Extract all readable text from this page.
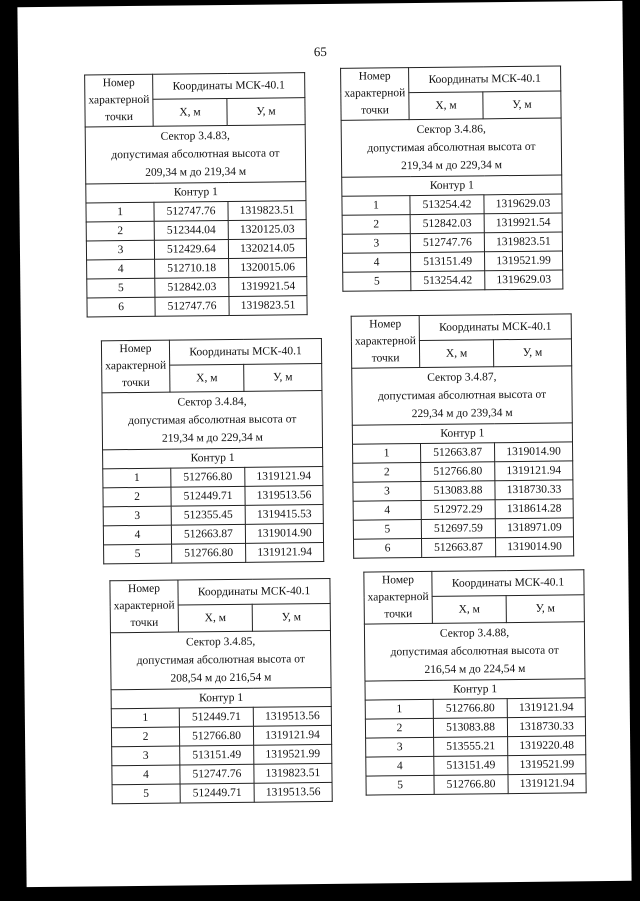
65
Номер характерной точки	Координаты МСК-40.1	
	X, м	У, м

Сектор 3.4.83,
допустимая абсолютная высота от
209,34 м до 219,34 м		

Контур 1		
1	512747.76	1319823.51
2	512344.04	1320125.03
3	512429.64	1320214.05
4	512710.18	1320015.06
5	512842.03	1319921.54
6	512747.76	1319823.51
Номер характерной точки	Координаты МСК-40.1	
	X, м	У, м

Сектор 3.4.86,
допустимая абсолютная высота от
219,34 м до 229,34 м		

Контур 1		
1	513254.42	1319629.03
2	512842.03	1319921.54
3	512747.76	1319823.51
4	513151.49	1319521.99
5	513254.42	1319629.03
Номер характерной точки	Координаты МСК-40.1	
	X, м	У, м

Сектор 3.4.84,
допустимая абсолютная высота от
219,34 м до 229,34 м		

Контур 1		
1	512766.80	1319121.94
2	512449.71	1319513.56
3	512355.45	1319415.53
4	512663.87	1319014.90
5	512766.80	1319121.94
Номер характерной точки	Координаты МСК-40.1	
	X, м	У, м

Сектор 3.4.87,
допустимая абсолютная высота от
229,34 м до 239,34 м		

Контур 1		
1	512663.87	1319014.90
2	512766.80	1319121.94
3	513083.88	1318730.33
4	512972.29	1318614.28
5	512697.59	1318971.09
6	512663.87	1319014.90
Номер характерной точки	Координаты МСК-40.1	
	X, м	У, м

Сектор 3.4.85,
допустимая абсолютная высота от
208,54 м до 216,54 м		

Контур 1		
1	512449.71	1319513.56
2	512766.80	1319121.94
3	513151.49	1319521.99
4	512747.76	1319823.51
5	512449.71	1319513.56
Номер характерной точки	Координаты МСК-40.1	
	X, м	У, м

Сектор 3.4.88,
допустимая абсолютная высота от
216,54 м до 224,54 м		

Контур 1		
1	512766.80	1319121.94
2	513083.88	1318730.33
3	513555.21	1319220.48
4	513151.49	1319521.99
5	512766.80	1319121.94
